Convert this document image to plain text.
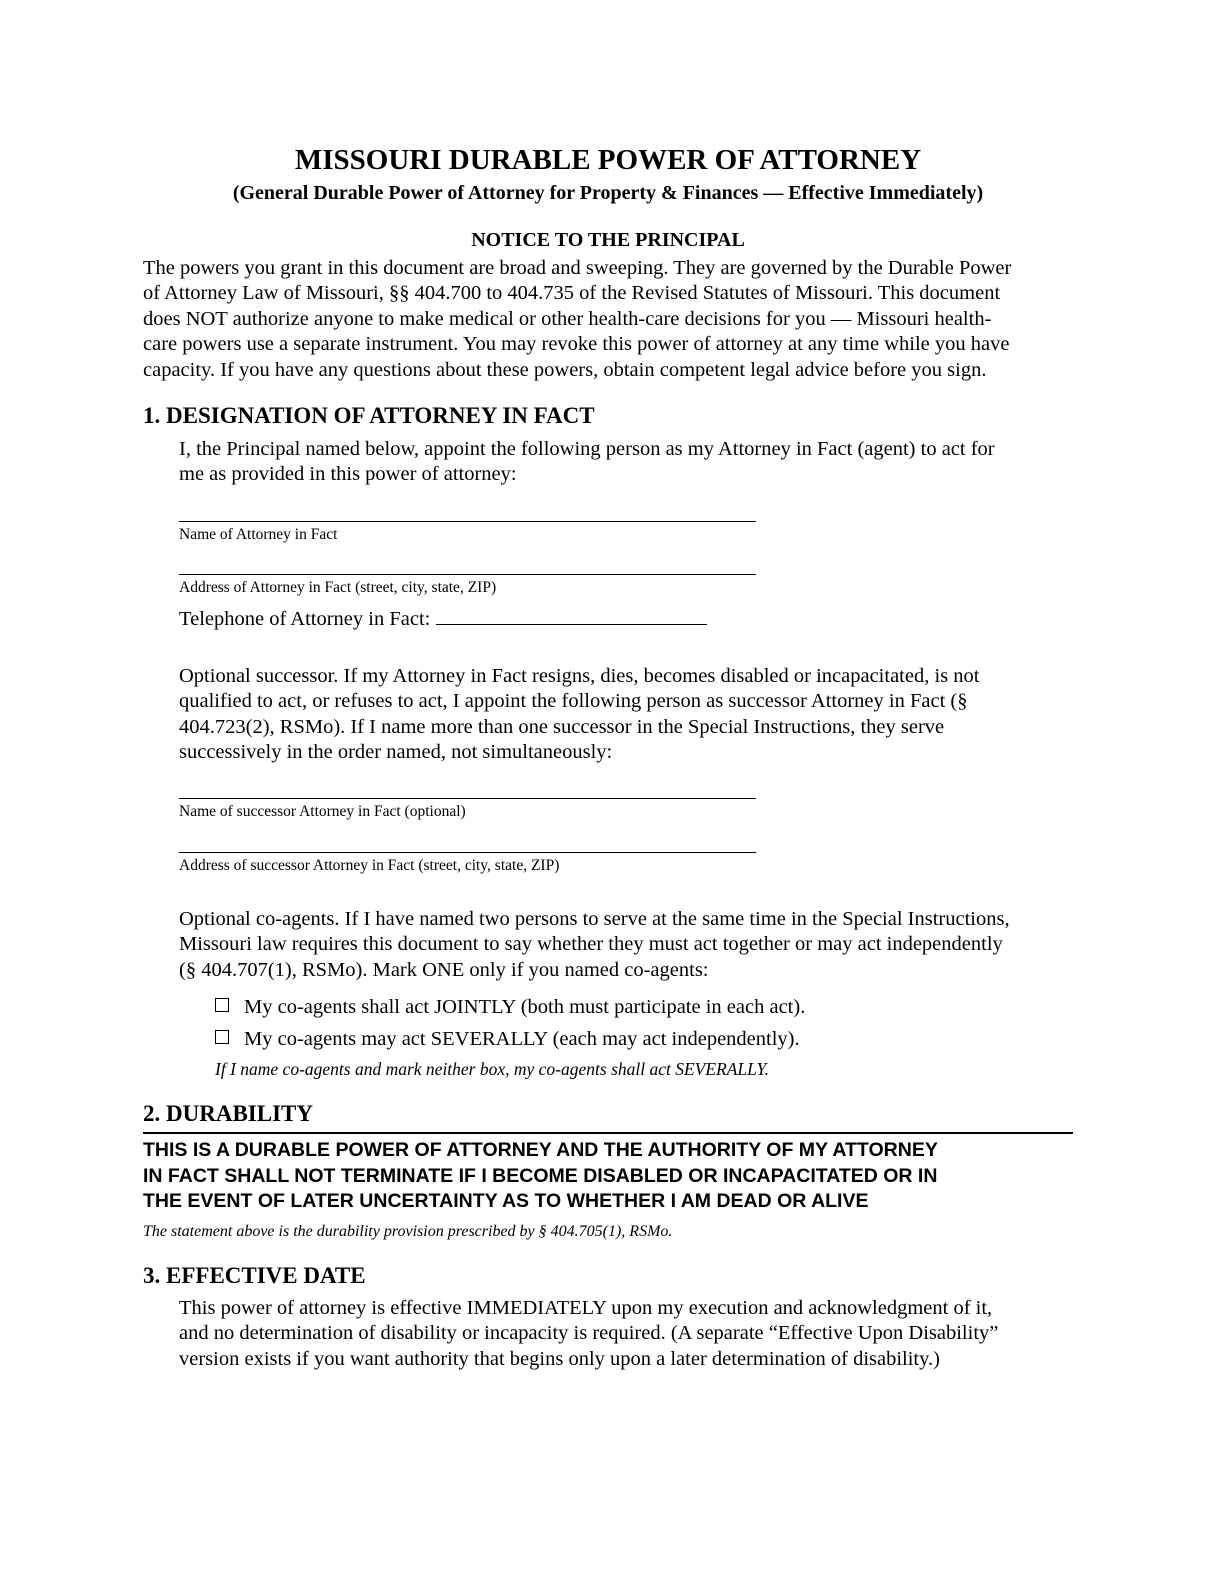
MISSOURI DURABLE POWER OF ATTORNEY
(General Durable Power of Attorney for Property & Finances — Effective Immediately)
NOTICE TO THE PRINCIPAL
The powers you grant in this document are broad and sweeping. They are governed by the Durable Power
of Attorney Law of Missouri, §§ 404.700 to 404.735 of the Revised Statutes of Missouri. This document
does NOT authorize anyone to make medical or other health-care decisions for you — Missouri health-
care powers use a separate instrument. You may revoke this power of attorney at any time while you have
capacity. If you have any questions about these powers, obtain competent legal advice before you sign.
1. DESIGNATION OF ATTORNEY IN FACT
I, the Principal named below, appoint the following person as my Attorney in Fact (agent) to act for
me as provided in this power of attorney:
Name of Attorney in Fact
Address of Attorney in Fact (street, city, state, ZIP)
Telephone of Attorney in Fact:
Optional successor. If my Attorney in Fact resigns, dies, becomes disabled or incapacitated, is not
qualified to act, or refuses to act, I appoint the following person as successor Attorney in Fact (§
404.723(2), RSMo). If I name more than one successor in the Special Instructions, they serve
successively in the order named, not simultaneously:
Name of successor Attorney in Fact (optional)
Address of successor Attorney in Fact (street, city, state, ZIP)
Optional co-agents. If I have named two persons to serve at the same time in the Special Instructions,
Missouri law requires this document to say whether they must act together or may act independently
(§ 404.707(1), RSMo). Mark ONE only if you named co-agents:
My co-agents shall act JOINTLY (both must participate in each act).
My co-agents may act SEVERALLY (each may act independently).
If I name co-agents and mark neither box, my co-agents shall act SEVERALLY.
2. DURABILITY
THIS IS A DURABLE POWER OF ATTORNEY AND THE AUTHORITY OF MY ATTORNEY
IN FACT SHALL NOT TERMINATE IF I BECOME DISABLED OR INCAPACITATED OR IN
THE EVENT OF LATER UNCERTAINTY AS TO WHETHER I AM DEAD OR ALIVE
The statement above is the durability provision prescribed by § 404.705(1), RSMo.
3. EFFECTIVE DATE
This power of attorney is effective IMMEDIATELY upon my execution and acknowledgment of it,
and no determination of disability or incapacity is required. (A separate “Effective Upon Disability”
version exists if you want authority that begins only upon a later determination of disability.)
